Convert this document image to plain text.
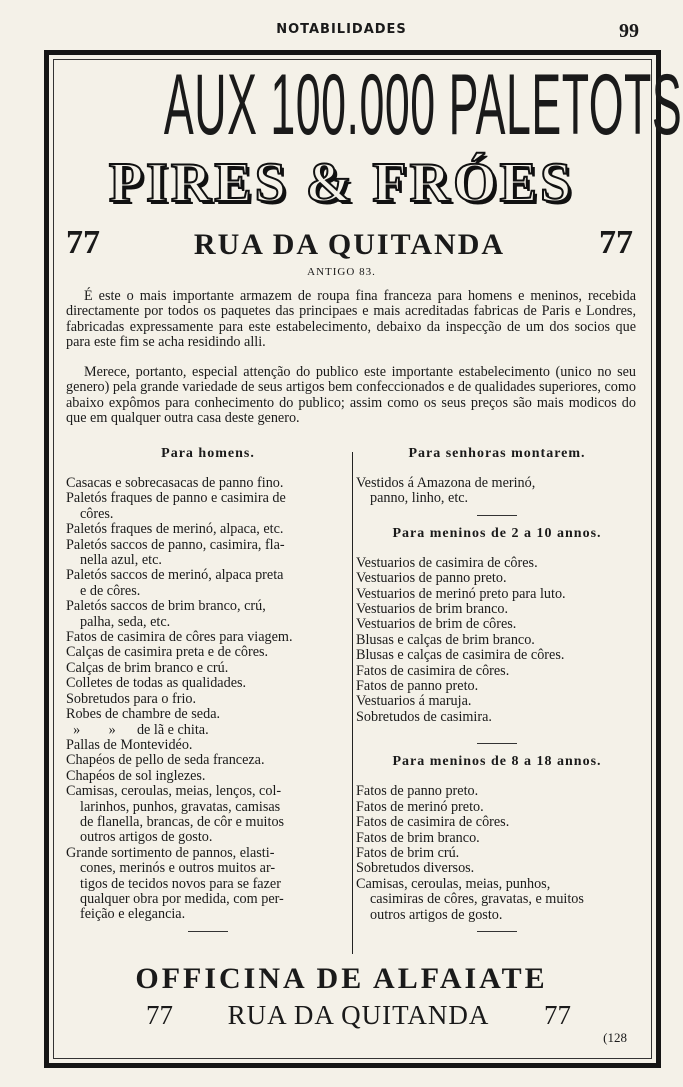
NOTABILIDADES	99
AUX 100.000 PALETOTS
PIRES & FRÓES
77	RUA DA QUITANDA	77
ANTIGO 83.

É este o mais importante armazem de roupa fina franceza para homens e meninos, recebida directamente por todos os paquetes das principaes e mais acreditadas fabricas de Paris e Londres, fabricadas expressamente para este estabelecimento, debaixo da inspecção de um dos socios que para este fim se acha residindo alli.

Merece, portanto, especial attenção do publico este importante estabelecimento (unico no seu genero) pela grande variedade de seus artigos bem confeccionados e de qualidades superiores, como abaixo expômos para conhecimento do publico; assim como os seus preços são mais modicos do que em qualquer outra casa deste genero.

Para homens.
Casacas e sobrecasacas de panno fino.
Paletós fraques de panno e casimira de
côres.
Paletós fraques de merinó, alpaca, etc.
Paletós saccos de panno, casimira, fla-
nella azul, etc.
Paletós saccos de merinó, alpaca preta
e de côres.
Paletós saccos de brim branco, crú,
palha, seda, etc.
Fatos de casimira de côres para viagem.
Calças de casimira preta e de côres.
Calças de brim branco e crú.
Colletes de todas as qualidades.
Sobretudos para o frio.
Robes de chambre de seda.
»        »      de lã e chita.
Pallas de Montevidéo.
Chapéos de pello de seda franceza.
Chapéos de sol inglezes.
Camisas, ceroulas, meias, lenços, col-
larinhos, punhos, gravatas, camisas
de flanella, brancas, de côr e muitos
outros artigos de gosto.
Grande sortimento de pannos, elasti-
cones, merinós e outros muitos ar-
tigos de tecidos novos para se fazer
qualquer obra por medida, com per-
feição e elegancia.
Para senhoras montarem.
Vestidos á Amazona de merinó,
panno, linho, etc.
Para meninos de 2 a 10 annos.
Vestuarios de casimira de côres.
Vestuarios de panno preto.
Vestuarios de merinó preto para luto.
Vestuarios de brim branco.
Vestuarios de brim de côres.
Blusas e calças de brim branco.
Blusas e calças de casimira de côres.
Fatos de casimira de côres.
Fatos de panno preto.
Vestuarios á maruja.
Sobretudos de casimira.
Para meninos de 8 a 18 annos.
Fatos de panno preto.
Fatos de merinó preto.
Fatos de casimira de côres.
Fatos de brim branco.
Fatos de brim crú.
Sobretudos diversos.
Camisas, ceroulas, meias, punhos,
casimiras de côres, gravatas, e muitos
outros artigos de gosto.
OFFICINA DE ALFAIATE
77	RUA DA QUITANDA	77
(128
